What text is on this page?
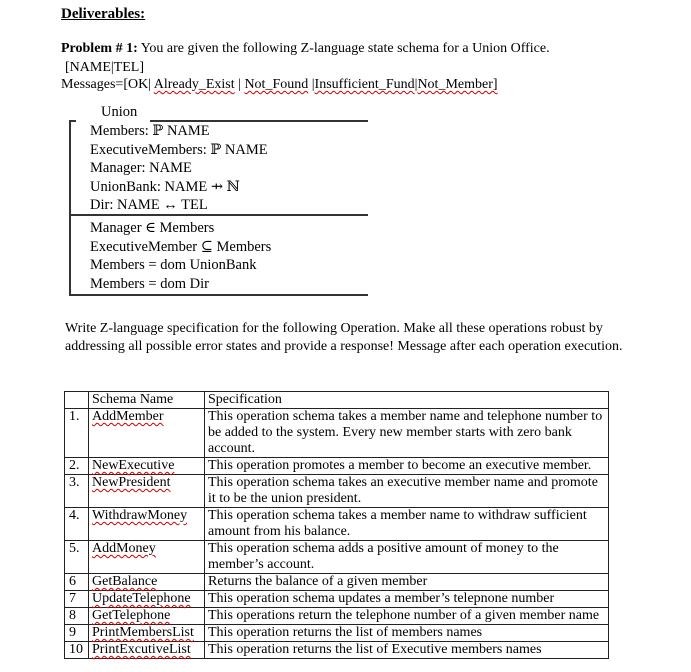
Deliverables:
Problem # 1: You are given the following Z-language state schema for a Union Office.
[NAME|TEL]
Messages=[OK| Already_Exist | Not_Found |Insufficient_Fund|Not_Member]
Union
Members: ℙ NAME
ExecutiveMembers: ℙ NAME
Manager: NAME
UnionBank: NAME ⇸ ℕ
Dir: NAME ↔ TEL
Manager ∈ Members
ExecutiveMember ⊆ Members
Members = dom UnionBank
Members = dom Dir
Write Z-language specification for the following Operation. Make all these operations robust by addressing all possible error states and provide a response! Message after each operation execution.
	Schema Name	Specification
1.	AddMember	This operation schema takes a member name and telephone number to be added to the system. Every new member starts with zero bank account.
2.	NewExecutive	This operation promotes a member to become an executive member.
3.	NewPresident	This operation schema takes an executive member name and promote it to be the union president.
4.	WithdrawMoney	This operation schema takes a member name to withdraw sufficient amount from his balance.
5.	AddMoney	This operation schema adds a positive amount of money to the member’s account.
6	GetBalance	Returns the balance of a given member
7	UpdateTelephone	This operation schema updates a member’s telepnone number
8	GetTelephone	This operations return the telephone number of a given member name
9	PrintMembersList	This operation returns the list of members names
10	PrintExcutiveList	This operation returns the list of Executive members names
